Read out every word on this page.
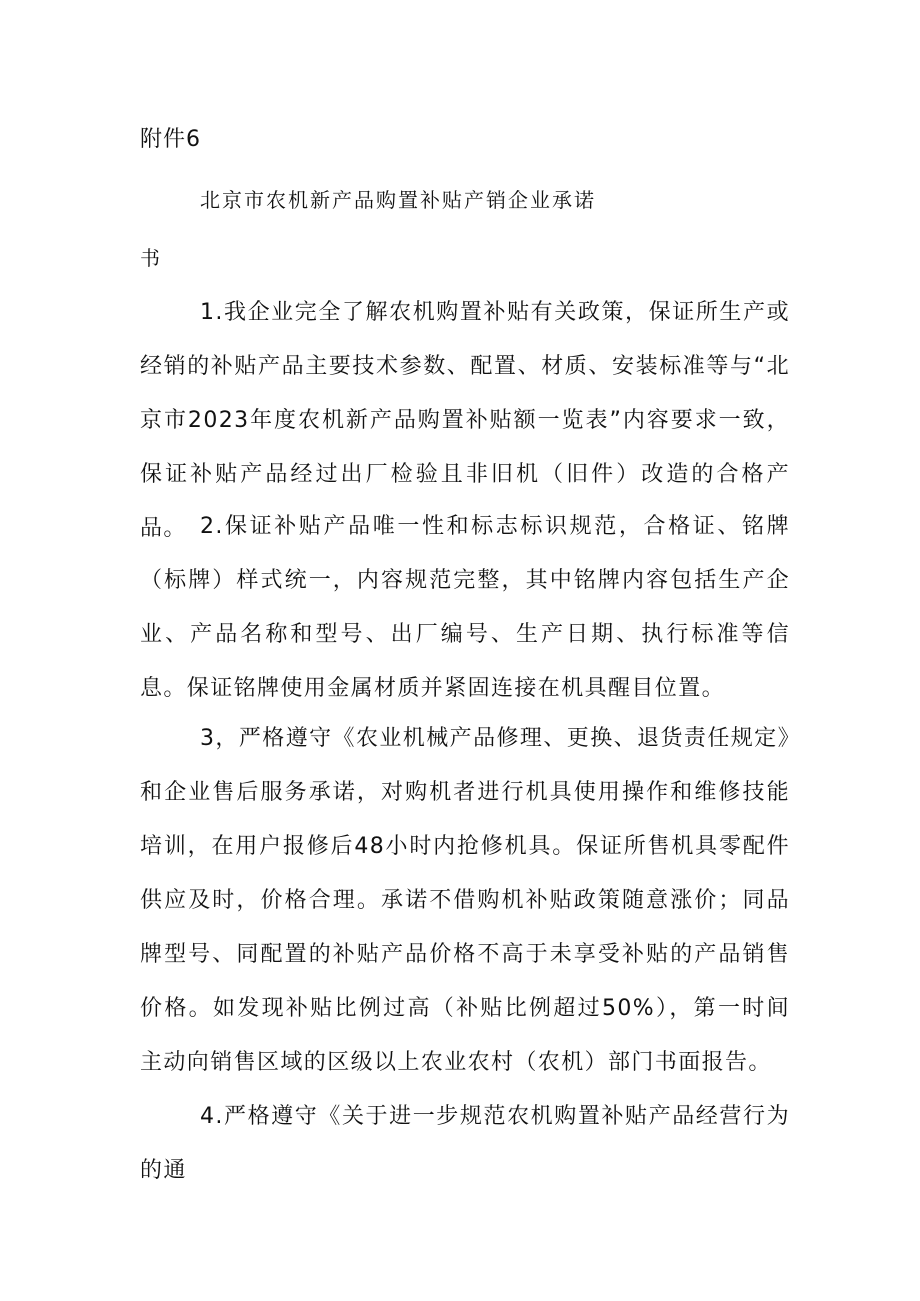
附件6
北京市农机新产品购置补贴产销企业承诺
书

1.我企业完全了解农机购置补贴有关政策，保证所生产或经销的补贴产品主要技术参数、配置、材质、安装标准等与“北京市2023年度农机新产品购置补贴额一览表”内容要求一致，保证补贴产品经过出厂检验且非旧机（旧件）改造的合格产品。 2.保证补贴产品唯一性和标志标识规范，合格证、铭牌（标牌）样式统一，内容规范完整，其中铭牌内容包括生产企业、产品名称和型号、出厂编号、生产日期、执行标准等信息。保证铭牌使用金属材质并紧固连接在机具醒目位置。

3，严格遵守《农业机械产品修理、更换、退货责任规定》和企业售后服务承诺，对购机者进行机具使用操作和维修技能培训，在用户报修后48小时内抢修机具。保证所售机具零配件供应及时，价格合理。承诺不借购机补贴政策随意涨价；同品牌型号、同配置的补贴产品价格不高于未享受补贴的产品销售价格。如发现补贴比例过高（补贴比例超过50%），第一时间主动向销售区域的区级以上农业农村（农机）部门书面报告。

4.严格遵守《关于进一步规范农机购置补贴产品经营行为的通
